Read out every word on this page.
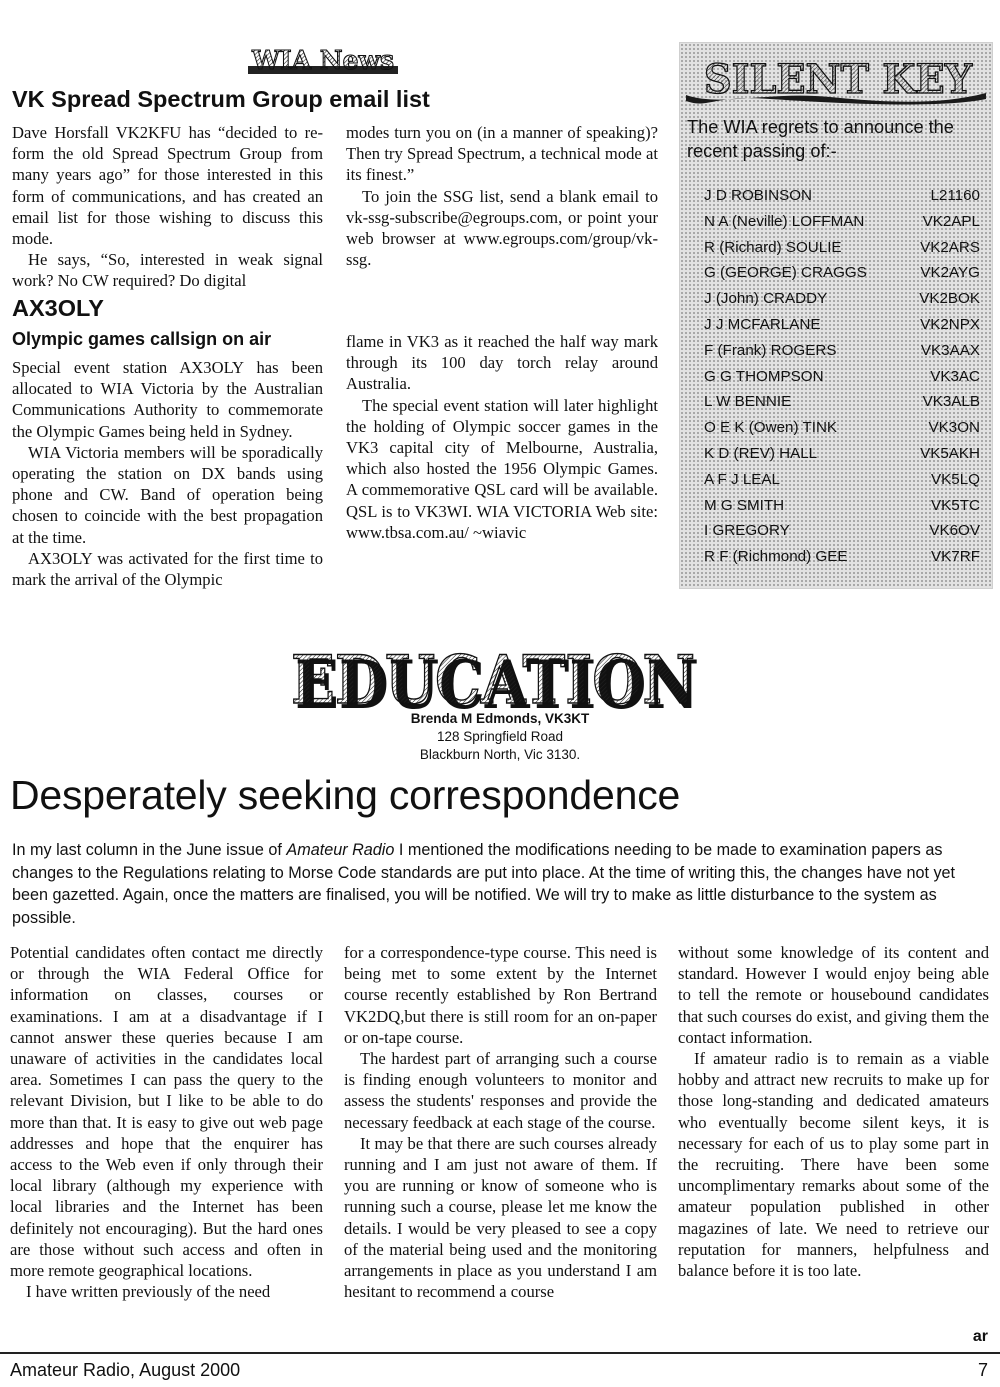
WIA News
VK Spread Spectrum Group email list

Dave Horsfall VK2KFU has “decided to re-form the old Spread Spectrum Group from many years ago” for those interested in this form of communications, and has created an email list for those wishing to discuss this mode.

He says, “So, interested in weak signal work? No CW required? Do digital

modes turn you on (in a manner of speaking)? Then try Spread Spectrum, a technical mode at its finest.”

To join the SSG list, send a blank email to vk-ssg-subscribe@egroups.com, or point your web browser at www.egroups.com/group/vk-ssg.

AX3OLY
Olympic games callsign on air

Special event station AX3OLY has been allocated to WIA Victoria by the Australian Communications Authority to commemorate the Olympic Games being held in Sydney.

WIA Victoria members will be sporadically operating the station on DX bands using phone and CW. Band of operation being chosen to coincide with the best propagation at the time.

AX3OLY was activated for the first time to mark the arrival of the Olympic

flame in VK3 as it reached the half way mark through its 100 day torch relay around Australia.

The special event station will later highlight the holding of Olympic soccer games in the VK3 capital city of Melbourne, Australia, which also hosted the 1956 Olympic Games. A commemorative QSL card will be available. QSL is to VK3WI. WIA VICTORIA Web site: www.tbsa.com.au/ ~wiavic

SILENT KEY

The WIA regrets to announce the recent passing of:-

J D ROBINSON	L21160
N A (Neville) LOFFMAN	VK2APL
R (Richard) SOULIE	VK2ARS
G (GEORGE) CRAGGS	VK2AYG
J (John) CRADDY	VK2BOK
J J MCFARLANE	VK2NPX
F (Frank) ROGERS	VK3AAX
G G THOMPSON	VK3AC
L W BENNIE	VK3ALB
O E K (Owen) TINK	VK3ON
K D (REV) HALL	VK5AKH
A F J LEAL	VK5LQ
M G SMITH	VK5TC
I GREGORY	VK6OV
R F (Richmond) GEE	VK7RF
EDUCATION
EDUCATION
Brenda M Edmonds, VK3KT
128 Springfield Road
Blackburn North, Vic 3130.
Desperately seeking correspondence

In my last column in the June issue of Amateur Radio I mentioned the modifications needing to be made to examination papers as changes to the Regulations relating to Morse Code standards are put into place. At the time of writing this, the changes have not yet been gazetted. Again, once the matters are finalised, you will be notified. We will try to make as little disturbance to the system as possible.

Potential candidates often contact me directly or through the WIA Federal Office for information on classes, courses or examinations. I am at a disadvantage if I cannot answer these queries because I am unaware of activities in the candidates local area. Sometimes I can pass the query to the relevant Division, but I like to be able to do more than that. It is easy to give out web page addresses and hope that the enquirer has access to the Web even if only through their local library (although my experience with local libraries and the Internet has been definitely not encouraging). But the hard ones are those without such access and often in more remote geographical locations.

I have written previously of the need

for a correspondence-type course. This need is being met to some extent by the Internet course recently established by Ron Bertrand VK2DQ,but there is still room for an on-paper or on-tape course.

The hardest part of arranging such a course is finding enough volunteers to monitor and assess the students' responses and provide the necessary feedback at each stage of the course.

It may be that there are such courses already running and I am just not aware of them. If you are running or know of someone who is running such a course, please let me know the details. I would be very pleased to see a copy of the material being used and the monitoring arrangements in place as you understand I am hesitant to recommend a course

without some knowledge of its content and standard. However I would enjoy being able to tell the remote or housebound candidates that such courses do exist, and giving them the contact information.

If amateur radio is to remain as a viable hobby and attract new recruits to make up for those long-standing and dedicated amateurs who eventually become silent keys, it is necessary for each of us to play some part in the recruiting. There have been some uncomplimentary remarks about some of the amateur population published in other magazines of late. We need to retrieve our reputation for manners, helpfulness and balance before it is too late.

ar
Amateur Radio, August 2000	7
